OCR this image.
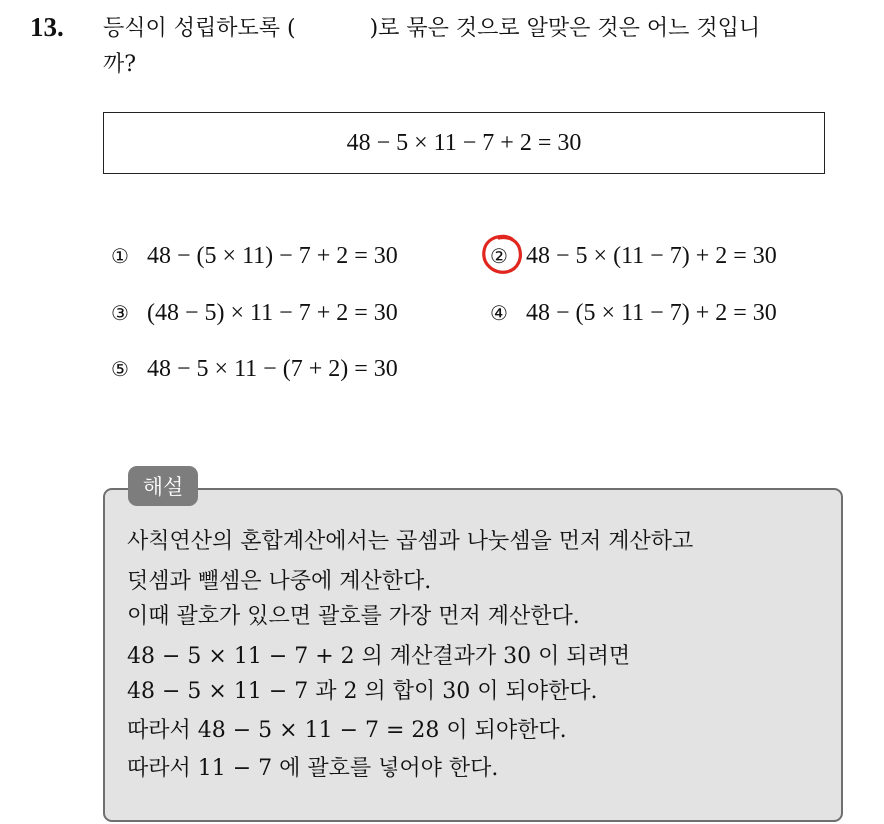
13. 등식이 성립하도록 (	)로 묶은 것으로 알맞은 것은 어느 것입니
까?
48 − 5 × 11 − 7 + 2 = 30
① 48 − (5 × 11) − 7 + 2 = 30	② 48 − 5 × (11 − 7) + 2 = 30
③ (48 − 5) × 11 − 7 + 2 = 30	④ 48 − (5 × 11 − 7) + 2 = 30
⑤ 48 − 5 × 11 − (7 + 2) = 30
해설
사칙연산의 혼합계산에서는 곱셈과 나눗셈을 먼저 계산하고
덧셈과 뺄셈은 나중에 계산한다.
이때 괄호가 있으면 괄호를 가장 먼저 계산한다.
48 − 5 × 11 − 7 + 2 의 계산결과가 30 이 되려면
48 − 5 × 11 − 7 과 2 의 합이 30 이 되야한다.
따라서 48 − 5 × 11 − 7 = 28 이 되야한다.
따라서 11 − 7 에 괄호를 넣어야 한다.
